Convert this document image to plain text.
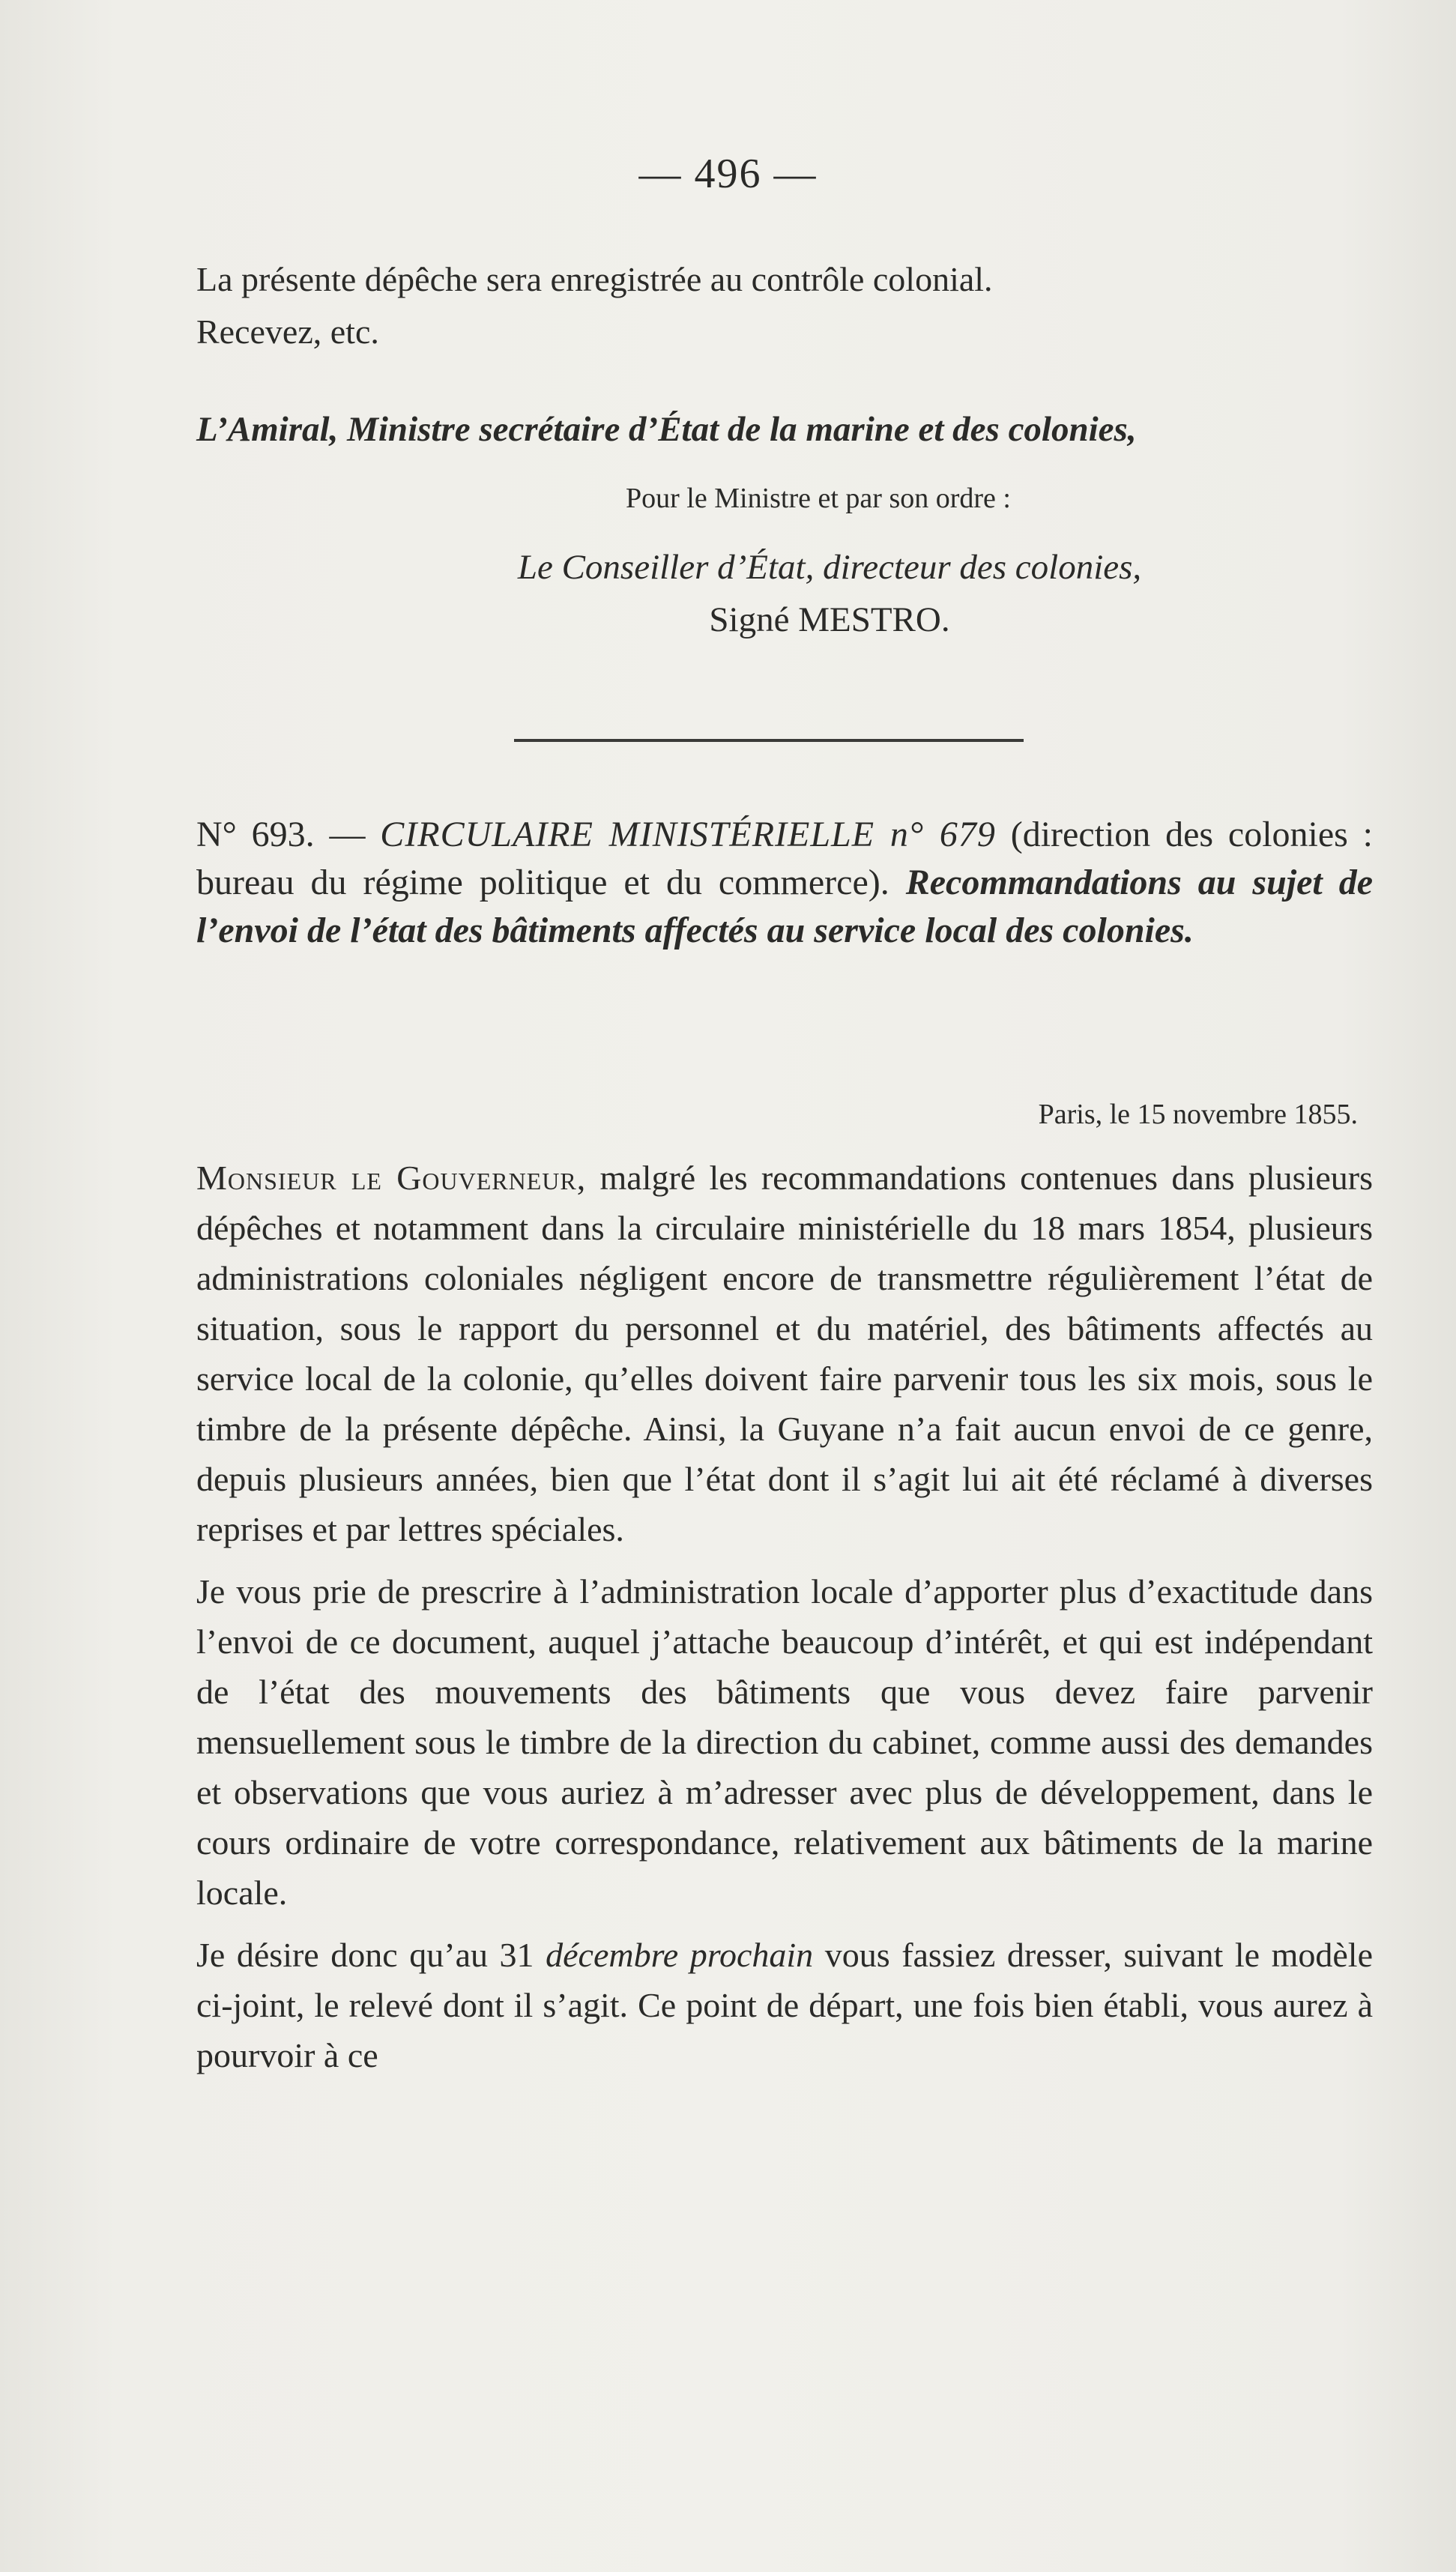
— 496 —

La présente dépêche sera enregistrée au contrôle colonial.

Recevez, etc.

L’Amiral, Ministre secrétaire d’État de la marine et des colonies,

Pour le Ministre et par son ordre :

Le Conseiller d’État, directeur des colonies,

Signé MESTRO.

N° 693. — CIRCULAIRE MINISTÉRIELLE n° 679 (direction des colonies : bureau du régime politique et du commerce). Recommandations au sujet de l’envoi de l’état des bâtiments affectés au service local des colonies.

Paris, le 15 novembre 1855.

Monsieur le Gouverneur, malgré les recommandations contenues dans plusieurs dépêches et notamment dans la circulaire ministérielle du 18 mars 1854, plusieurs administrations coloniales négligent encore de transmettre régulièrement l’état de situation, sous le rapport du personnel et du matériel, des bâtiments affectés au service local de la colonie, qu’elles doivent faire parvenir tous les six mois, sous le timbre de la présente dépêche. Ainsi, la Guyane n’a fait aucun envoi de ce genre, depuis plusieurs années, bien que l’état dont il s’agit lui ait été réclamé à diverses reprises et par lettres spéciales.

Je vous prie de prescrire à l’administration locale d’apporter plus d’exactitude dans l’envoi de ce document, auquel j’attache beaucoup d’intérêt, et qui est indépendant de l’état des mouvements des bâtiments que vous devez faire parvenir mensuellement sous le timbre de la direction du cabinet, comme aussi des demandes et observations que vous auriez à m’adresser avec plus de développement, dans le cours ordinaire de votre correspondance, relativement aux bâtiments de la marine locale.

Je désire donc qu’au 31 décembre prochain vous fassiez dresser, suivant le modèle ci-joint, le relevé dont il s’agit. Ce point de départ, une fois bien établi, vous aurez à pourvoir à ce
